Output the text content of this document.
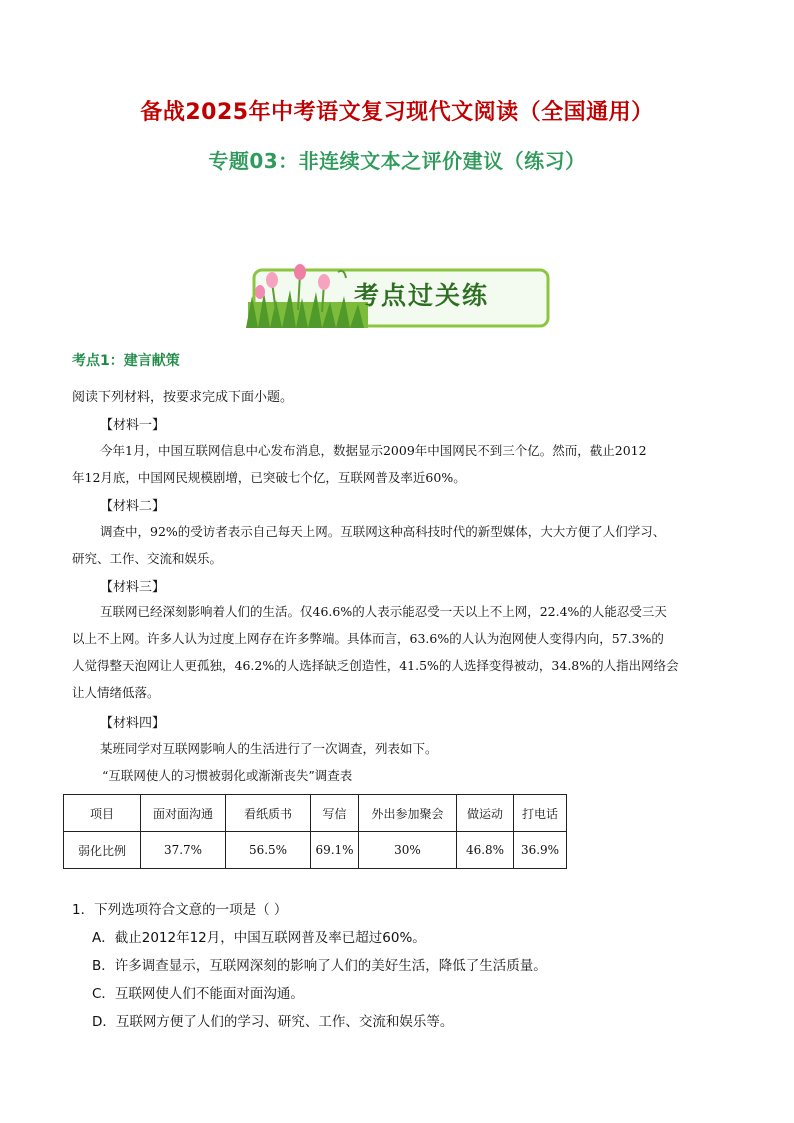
备战2025年中考语文复习现代文阅读（全国通用）
专题03：非连续文本之评价建议（练习）
考点过关练
考点1：建言献策
阅读下列材料，按要求完成下面小题。
【材料一】
今年1月，中国互联网信息中心发布消息，数据显示2009年中国网民不到三个亿。然而，截止2012
年12月底，中国网民规模剧增，已突破七个亿，互联网普及率近60%。
【材料二】
调查中，92%的受访者表示自己每天上网。互联网这种高科技时代的新型媒体，大大方便了人们学习、
研究、工作、交流和娱乐。
【材料三】
互联网已经深刻影响着人们的生活。仅46.6%的人表示能忍受一天以上不上网，22.4%的人能忍受三天
以上不上网。许多人认为过度上网存在许多弊端。具体而言，63.6%的人认为泡网使人变得内向，57.3%的
人觉得整天泡网让人更孤独，46.2%的人选择缺乏创造性，41.5%的人选择变得被动，34.8%的人指出网络会
让人情绪低落。
【材料四】
某班同学对互联网影响人的生活进行了一次调查，列表如下。
“互联网使人的习惯被弱化或渐渐丧失”调查表
项目	面对面沟通	看纸质书	写信	外出参加聚会	做运动	打电话
弱化比例	37.7%	56.5%	69.1%	30%	46.8%	36.9%
1．下列选项符合文意的一项是（ ）
A．截止2012年12月，中国互联网普及率已超过60%。
B．许多调查显示，互联网深刻的影响了人们的美好生活，降低了生活质量。
C．互联网使人们不能面对面沟通。
D．互联网方便了人们的学习、研究、工作、交流和娱乐等。
